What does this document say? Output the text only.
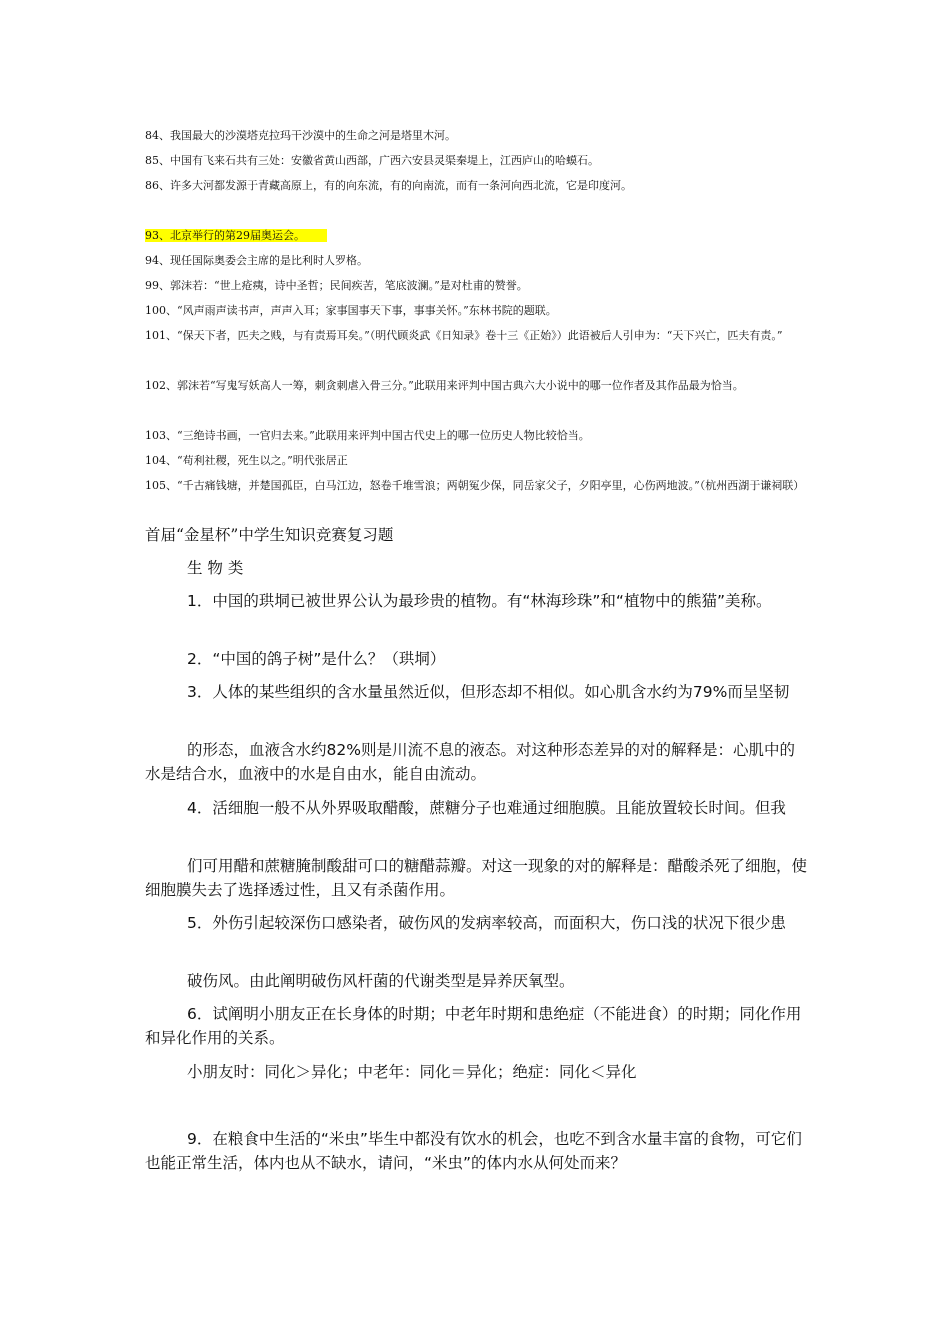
84、我国最大的沙漠塔克拉玛干沙漠中的生命之河是塔里木河。
85、中国有飞来石共有三处：安徽省黄山西部，广西六安县灵渠秦堤上，江西庐山的哈蟆石。
86、许多大河都发源于青藏高原上，有的向东流，有的向南流，而有一条河向西北流，它是印度河。
93、北京举行的第29届奥运会。
94、现任国际奥委会主席的是比利时人罗格。
99、郭沫若：“世上疮痍，诗中圣哲；民间疾苦，笔底波澜。”是对杜甫的赞誉。
100、“风声雨声读书声，声声入耳；家事国事天下事，事事关怀。”东林书院的题联。
101、“保天下者，匹夫之贱，与有责焉耳矣。”（明代顾炎武《日知录》卷十三《正始》）此语被后人引申为：“天下兴亡，匹夫有责。”
102、郭沫若“写鬼写妖高人一筹，刺贪刺虐入骨三分。”此联用来评判中国古典六大小说中的哪一位作者及其作品最为恰当。
103、“三绝诗书画，一官归去来。”此联用来评判中国古代史上的哪一位历史人物比较恰当。
104、“苟利社稷，死生以之。”明代张居正
105、“千古痛钱塘，并楚国孤臣，白马江边，怒卷千堆雪浪；两朝冤少保，同岳家父子，夕阳亭里，心伤两地波。”（杭州西湖于谦祠联）
首届“金星杯”中学生知识竞赛复习题
生 物 类
1．中国的珙垌已被世界公认为最珍贵的植物。有“林海珍珠”和“植物中的熊猫”美称。
2．“中国的鸽子树”是什么？（珙垌）
3．人体的某些组织的含水量虽然近似，但形态却不相似。如心肌含水约为79%而呈坚韧
的形态，血液含水约82%则是川流不息的液态。对这种形态差异的对的解释是：心肌中的水是结合水，血液中的水是自由水，能自由流动。
4．活细胞一般不从外界吸取醋酸，蔗糖分子也难通过细胞膜。且能放置较长时间。但我
们可用醋和蔗糖腌制酸甜可口的糖醋蒜瓣。对这一现象的对的解释是：醋酸杀死了细胞，使细胞膜失去了选择透过性，且又有杀菌作用。
5．外伤引起较深伤口感染者，破伤风的发病率较高，而面积大，伤口浅的状况下很少患
破伤风。由此阐明破伤风杆菌的代谢类型是异养厌氧型。
6．试阐明小朋友正在长身体的时期；中老年时期和患绝症（不能进食）的时期；同化作用和异化作用的关系。
小朋友时：同化＞异化；中老年：同化＝异化；绝症：同化＜异化
9．在粮食中生活的“米虫”毕生中都没有饮水的机会，也吃不到含水量丰富的食物，可它们也能正常生活，体内也从不缺水，请问，“米虫”的体内水从何处而来？
